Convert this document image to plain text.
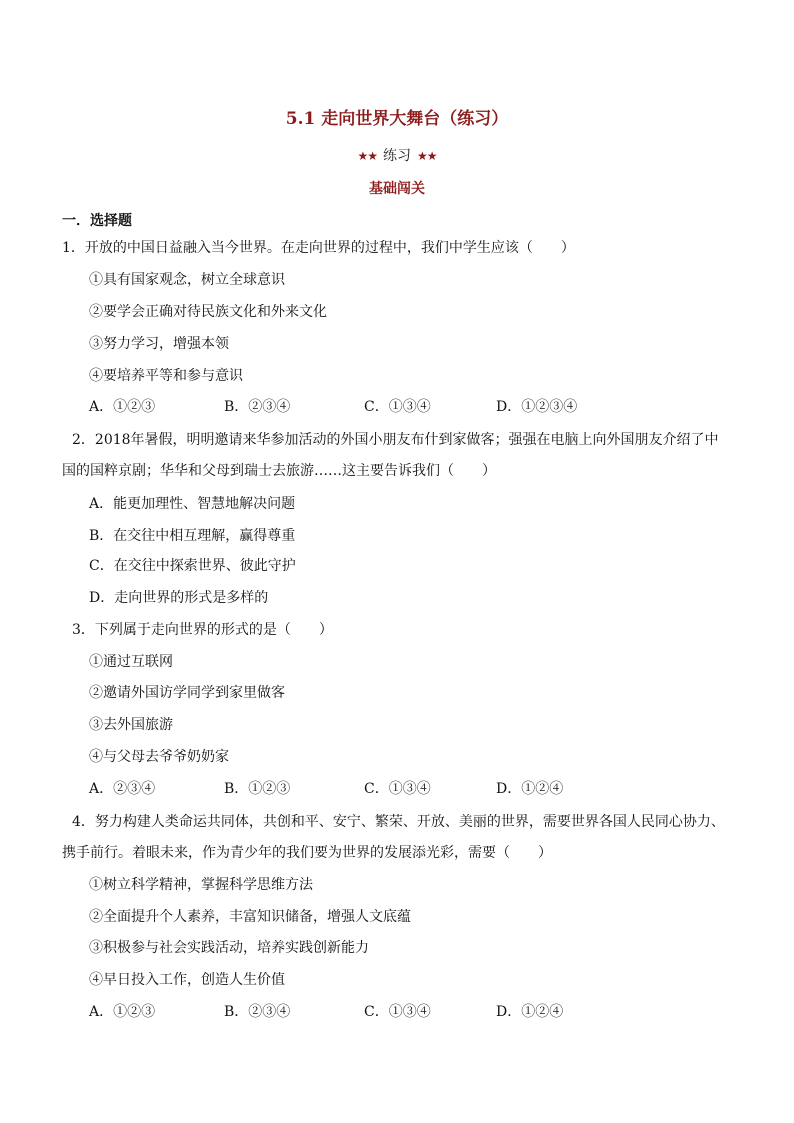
5.1 走向世界大舞台（练习）
★★ 练习 ★★
基础闯关
一．选择题
1．开放的中国日益融入当今世界。在走向世界的过程中，我们中学生应该（　　）
①具有国家观念，树立全球意识
②要学会正确对待民族文化和外来文化
③努力学习，增强本领
④要培养平等和参与意识
A．①②③	B．②③④	C．①③④	D．①②③④
2．2018年暑假，明明邀请来华参加活动的外国小朋友布什到家做客；强强在电脑上向外国朋友介绍了中
国的国粹京剧；华华和父母到瑞士去旅游……这主要告诉我们（　　）
A．能更加理性、智慧地解决问题
B．在交往中相互理解，赢得尊重
C．在交往中探索世界、彼此守护
D．走向世界的形式是多样的
3．下列属于走向世界的形式的是（　　）
①通过互联网
②邀请外国访学同学到家里做客
③去外国旅游
④与父母去爷爷奶奶家
A．②③④	B．①②③	C．①③④	D．①②④
4．努力构建人类命运共同体，共创和平、安宁、繁荣、开放、美丽的世界，需要世界各国人民同心协力、
携手前行。着眼未来，作为青少年的我们要为世界的发展添光彩，需要（　　）
①树立科学精神，掌握科学思维方法
②全面提升个人素养，丰富知识储备，增强人文底蕴
③积极参与社会实践活动，培养实践创新能力
④早日投入工作，创造人生价值
A．①②③	B．②③④	C．①③④	D．①②④
